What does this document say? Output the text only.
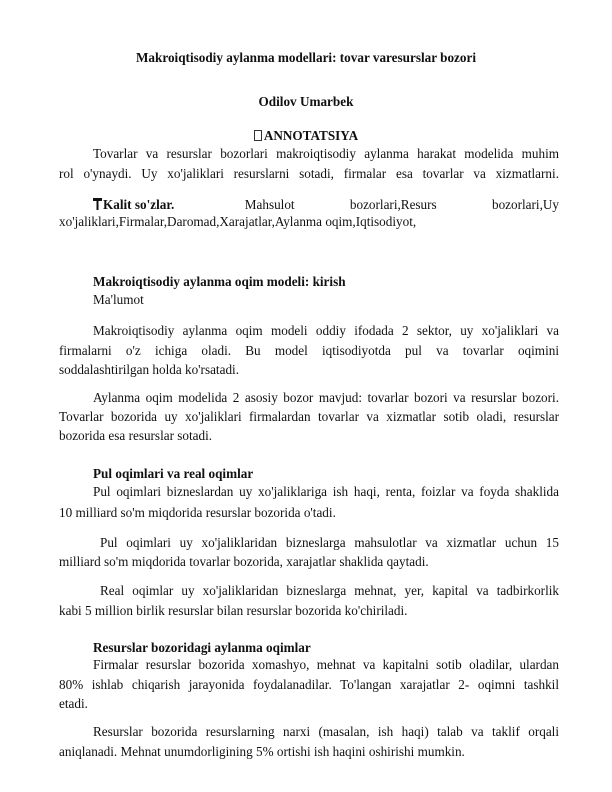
Makroiqtisodiy aylanma modellari: tovar varesurslar bozori
Odilov Umarbek
ANNOTATSIYA
Tovarlar va resurslar bozorlari makroiqtisodiy aylanma harakat modelida muhim
rol o'ynaydi. Uy xo'jaliklari resurslarni sotadi, firmalar esa tovarlar va xizmatlarni.
Kalit so'zlar.	Mahsulot bozorlari,Resurs bozorlari,Uy
xo'jaliklari,Firmalar,Daromad,Xarajatlar,Aylanma oqim,Iqtisodiyot,
Makroiqtisodiy aylanma oqim modeli: kirish
Ma'lumot
Makroiqtisodiy aylanma oqim modeli oddiy ifodada 2 sektor, uy xo'jaliklari va
firmalarni o'z ichiga oladi. Bu model iqtisodiyotda pul va tovarlar oqimini
soddalashtirilgan holda ko'rsatadi.
Aylanma oqim modelida 2 asosiy bozor mavjud: tovarlar bozori va resurslar bozori.
Tovarlar bozorida uy xo'jaliklari firmalardan tovarlar va xizmatlar sotib oladi, resurslar
bozorida esa resurslar sotadi.
Pul oqimlari va real oqimlar
Pul oqimlari bizneslardan uy xo'jaliklariga ish haqi, renta, foizlar va foyda shaklida
10 milliard so'm miqdorida resurslar bozorida o'tadi.
Pul oqimlari uy xo'jaliklaridan bizneslarga mahsulotlar va xizmatlar uchun 15
milliard so'm miqdorida tovarlar bozorida, xarajatlar shaklida qaytadi.
Real oqimlar uy xo'jaliklaridan bizneslarga mehnat, yer, kapital va tadbirkorlik
kabi 5 million birlik resurslar bilan resurslar bozorida ko'chiriladi.
Resurslar bozoridagi aylanma oqimlar
Firmalar resurslar bozorida xomashyo, mehnat va kapitalni sotib oladilar, ulardan
80% ishlab chiqarish jarayonida foydalanadilar. To'langan xarajatlar 2- oqimni tashkil
etadi.
Resurslar bozorida resurslarning narxi (masalan, ish haqi) talab va taklif orqali
aniqlanadi. Mehnat unumdorligining 5% ortishi ish haqini oshirishi mumkin.
